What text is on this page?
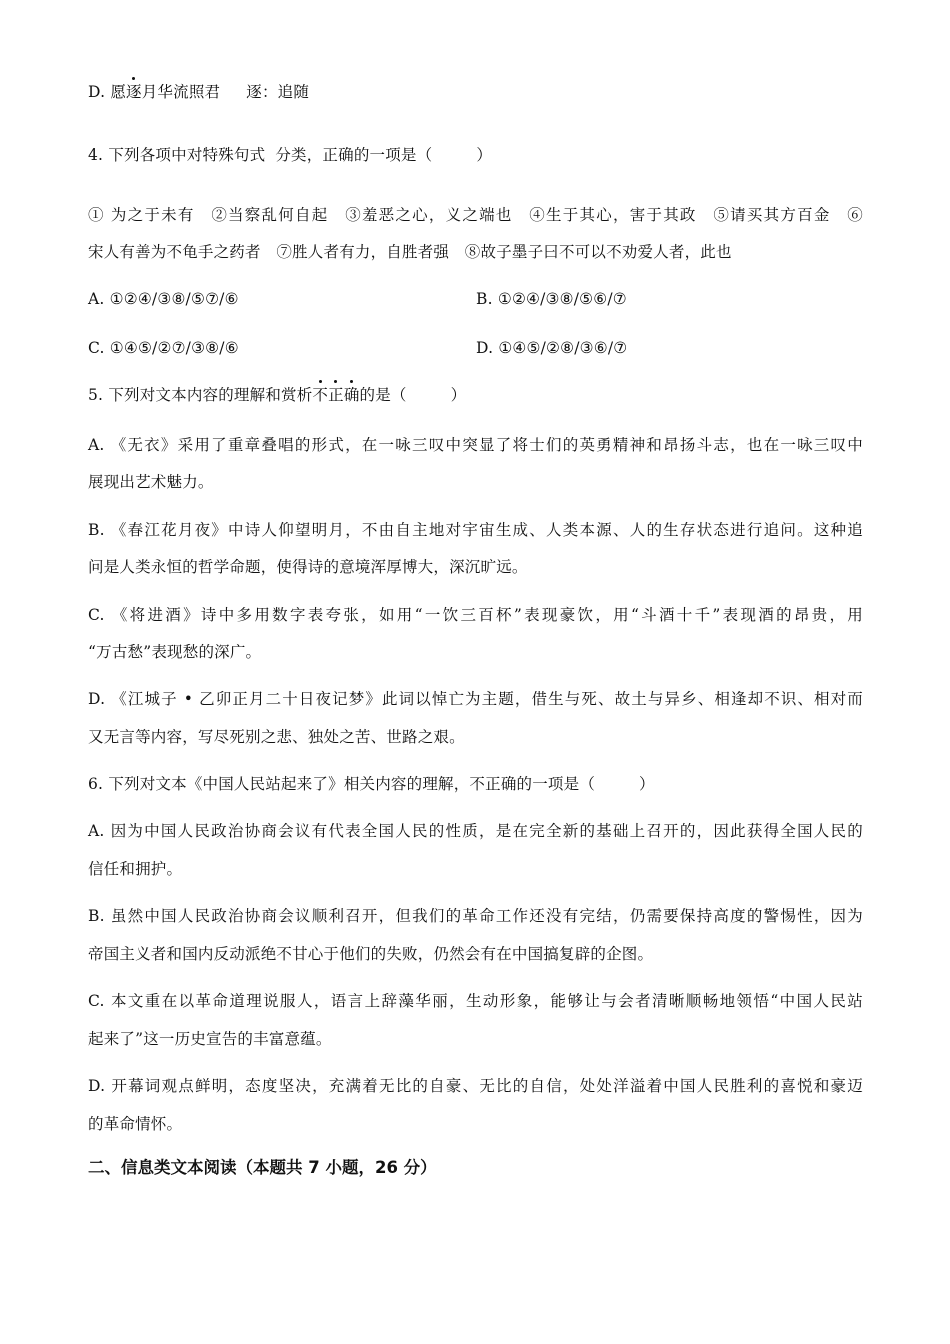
D. 愿逐月华流照君 逐：追随
4. 下列各项中对特殊句式 分类，正确的一项是（	）
① 为之于未有　②当察乱何自起　③羞恶之心，义之端也　④生于其心，害于其政　⑤请买其方百金　⑥
宋人有善为不龟手之药者　⑦胜人者有力，自胜者强　⑧故子墨子曰不可以不劝爱人者，此也
A. ①②④/③⑧/⑤⑦/⑥	B. ①②④/③⑧/⑤⑥/⑦
C. ①④⑤/②⑦/③⑧/⑥	D. ①④⑤/②⑧/③⑥/⑦
5. 下列对文本内容的理解和赏析不正确的是（	）
A. 《无衣》采用了重章叠唱的形式，在一咏三叹中突显了将士们的英勇精神和昂扬斗志，也在一咏三叹中
展现出艺术魅力。
B. 《春江花月夜》中诗人仰望明月，不由自主地对宇宙生成、人类本源、人的生存状态进行追问。这种追
问是人类永恒的哲学命题，使得诗的意境浑厚博大，深沉旷远。
C. 《将进酒》诗中多用数字表夸张，如用“一饮三百杯”表现豪饮，用“斗酒十千”表现酒的昂贵，用
“万古愁”表现愁的深广。
D. 《江城子 • 乙卯正月二十日夜记梦》此词以悼亡为主题，借生与死、故土与异乡、相逢却不识、相对而
又无言等内容，写尽死别之悲、独处之苦、世路之艰。
6. 下列对文本《中国人民站起来了》相关内容的理解，不正确的一项是（	）
A. 因为中国人民政治协商会议有代表全国人民的性质，是在完全新的基础上召开的，因此获得全国人民的
信任和拥护。
B. 虽然中国人民政治协商会议顺利召开，但我们的革命工作还没有完结，仍需要保持高度的警惕性，因为
帝国主义者和国内反动派绝不甘心于他们的失败，仍然会有在中国搞复辟的企图。
C. 本文重在以革命道理说服人，语言上辞藻华丽，生动形象，能够让与会者清晰顺畅地领悟“中国人民站
起来了”这一历史宣告的丰富意蕴。
D. 开幕词观点鲜明，态度坚决，充满着无比的自豪、无比的自信，处处洋溢着中国人民胜利的喜悦和豪迈
的革命情怀。
二、信息类文本阅读（本题共 7 小题，26 分）
